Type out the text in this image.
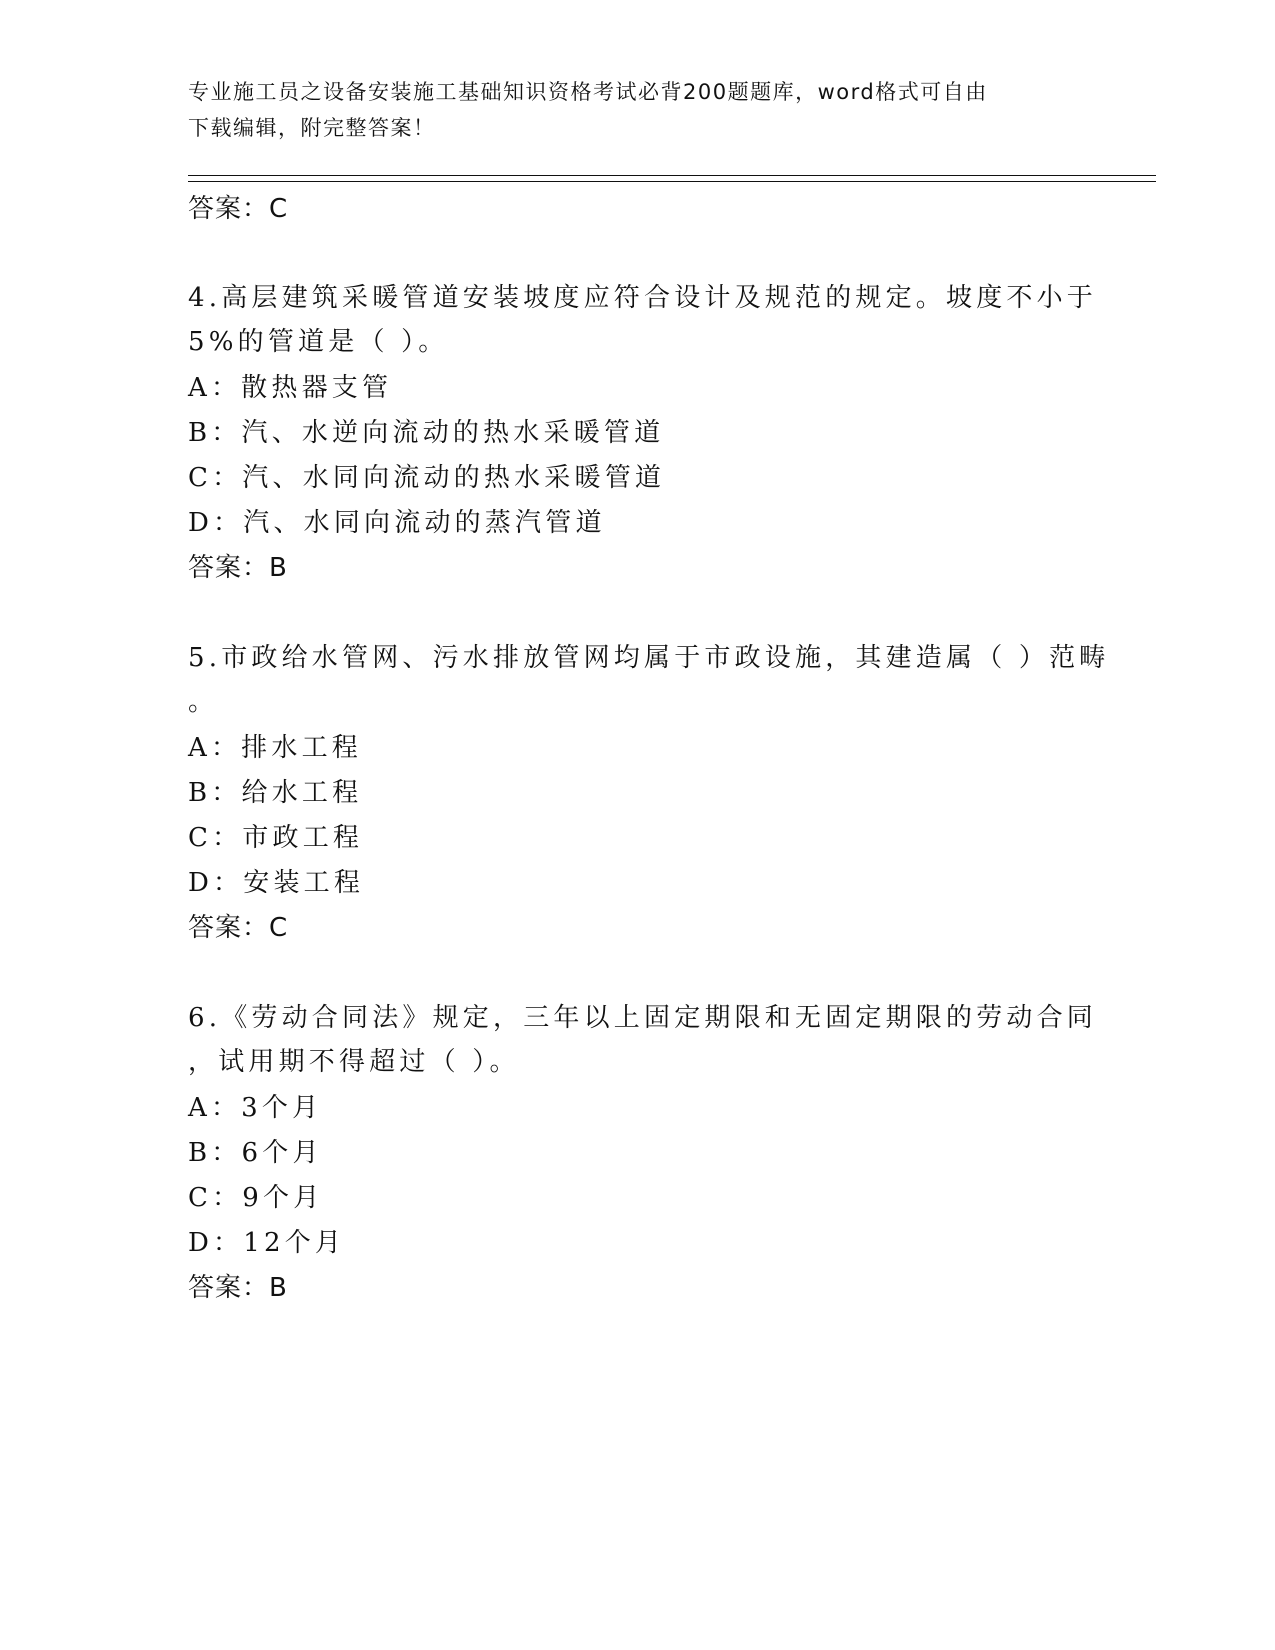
专业施工员之设备安装施工基础知识资格考试必背200题题库，word格式可自由
下载编辑，附完整答案！
答案：C
4.高层建筑采暖管道安装坡度应符合设计及规范的规定。坡度不小于
5%的管道是（ ）。
A：散热器支管
B：汽、水逆向流动的热水采暖管道
C：汽、水同向流动的热水采暖管道
D：汽、水同向流动的蒸汽管道
答案：B
5.市政给水管网、污水排放管网均属于市政设施，其建造属（ ）范畴
。
A：排水工程
B：给水工程
C：市政工程
D：安装工程
答案：C
6.《劳动合同法》规定，三年以上固定期限和无固定期限的劳动合同
，试用期不得超过（ ）。
A：3个月
B：6个月
C：9个月
D：12个月
答案：B
